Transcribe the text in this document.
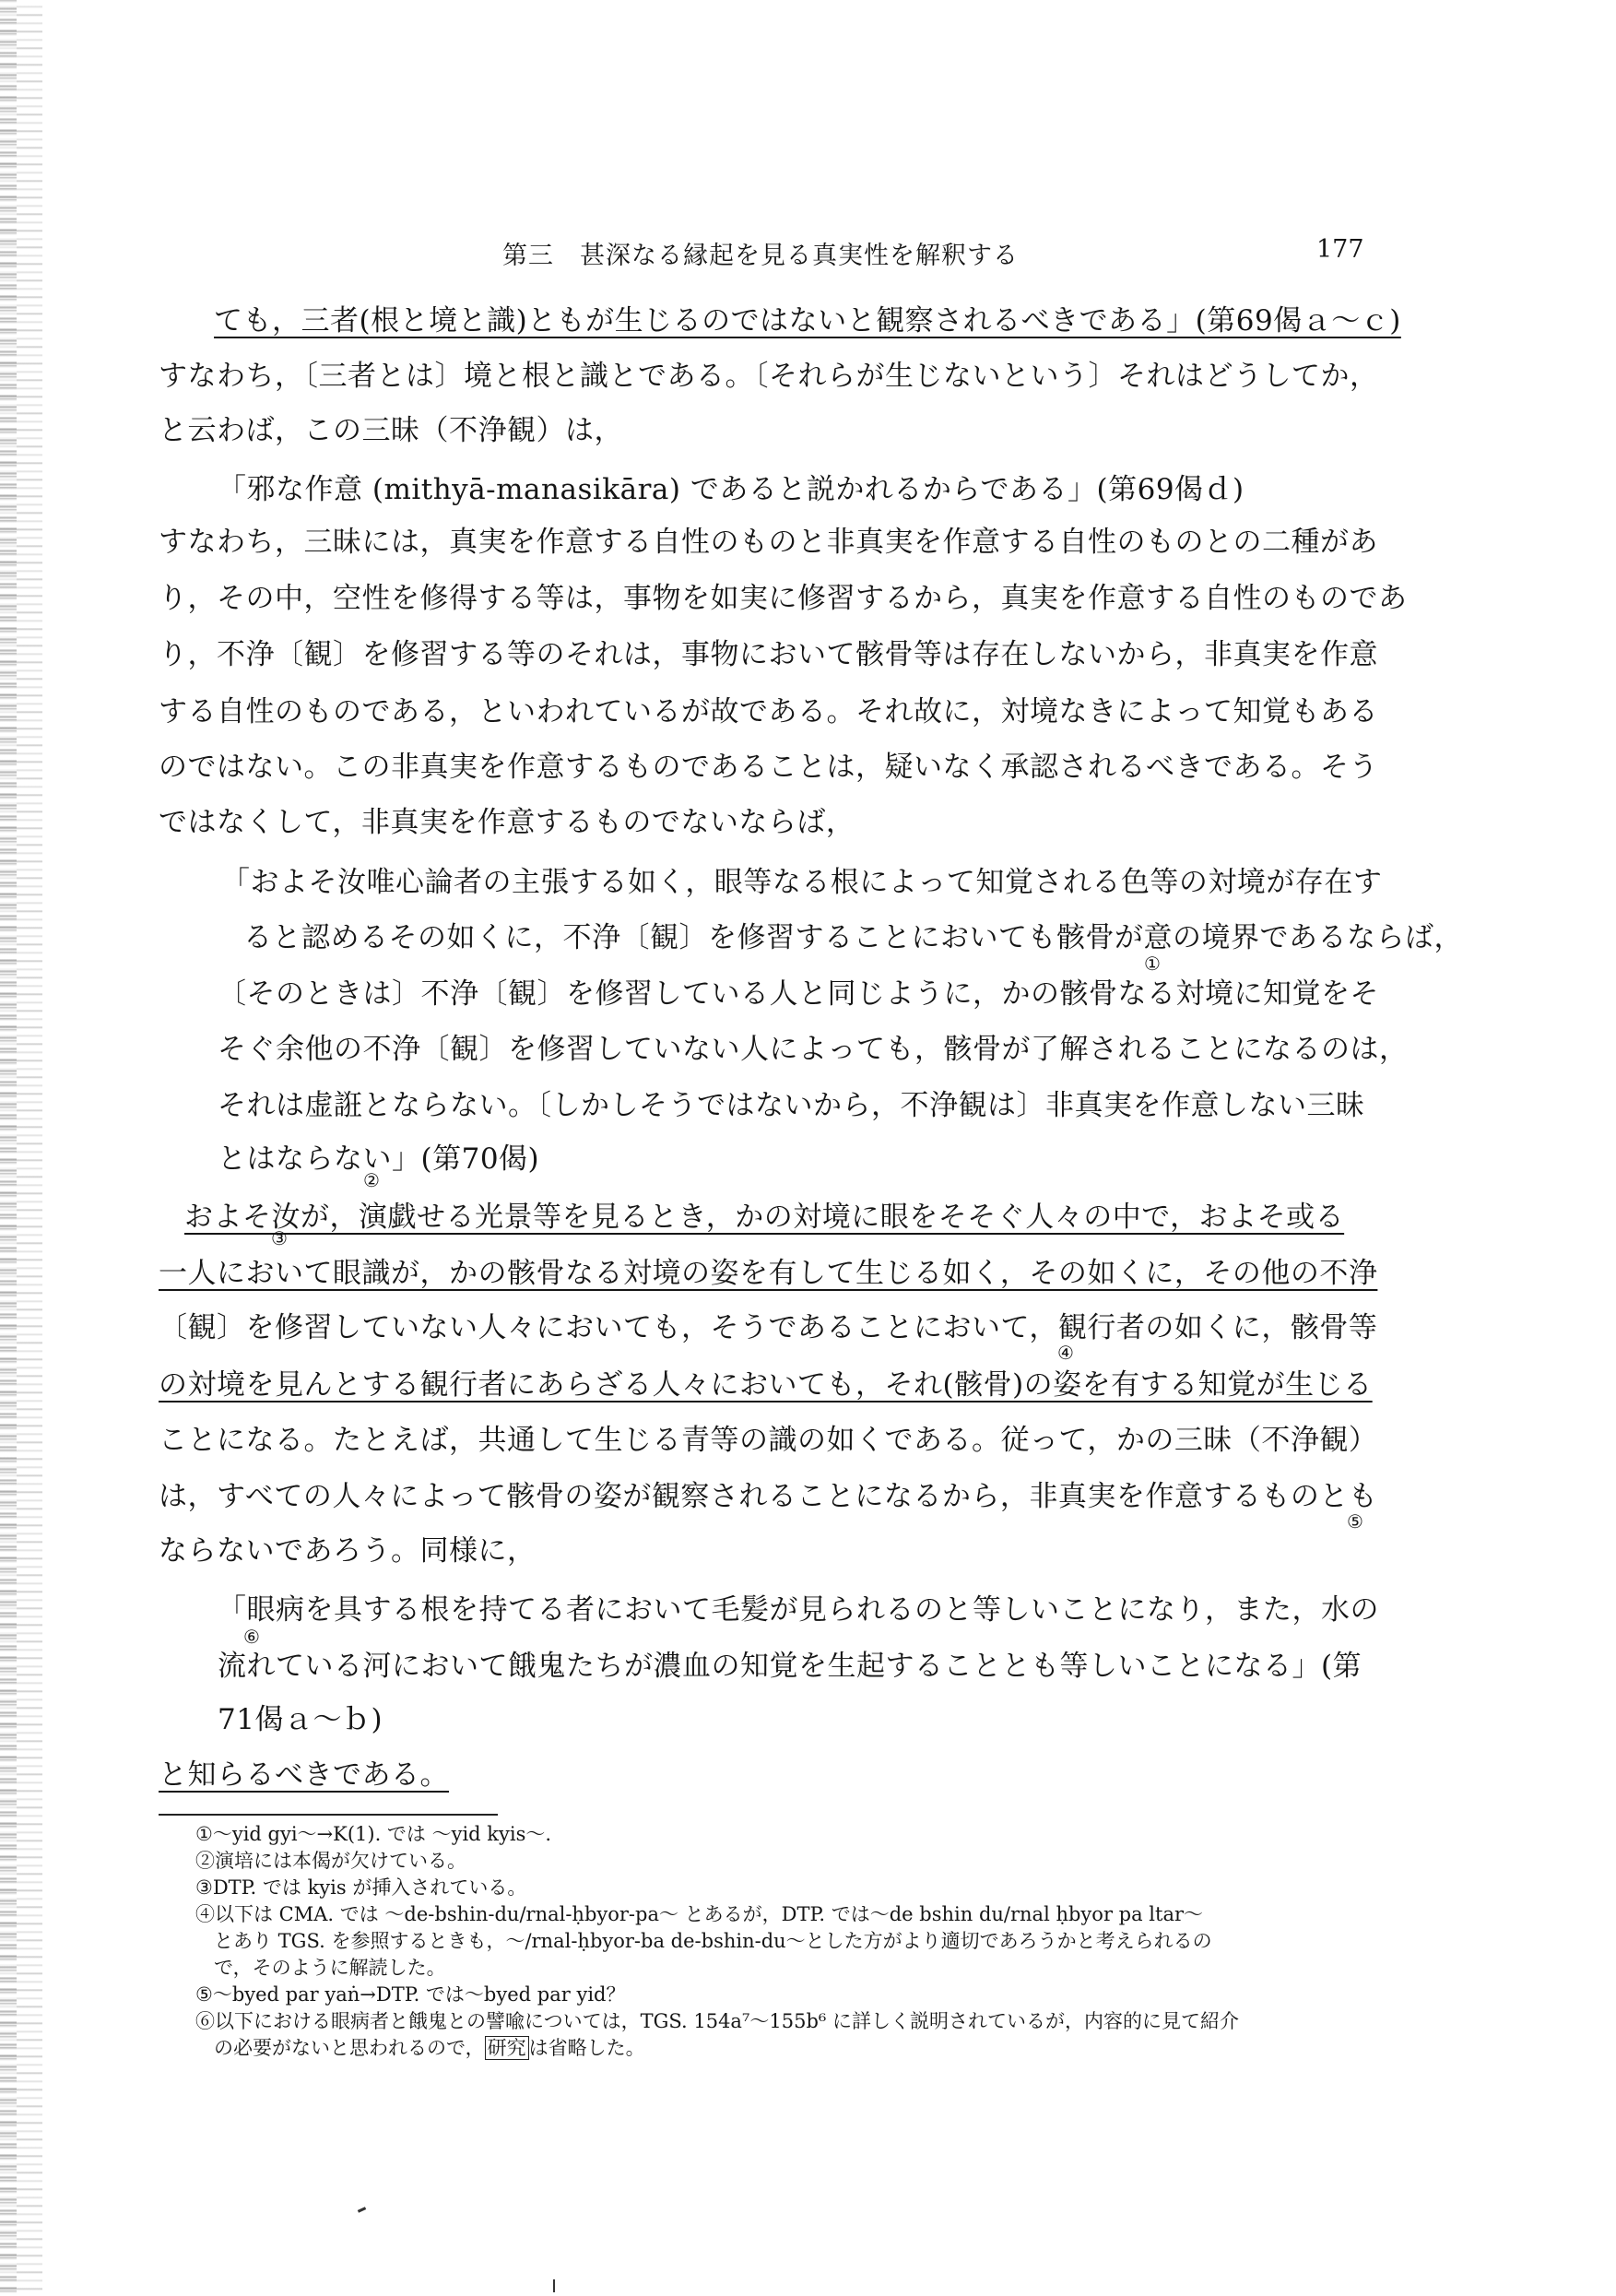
第三　甚深なる縁起を見る真実性を解釈する	177
ても，三者(根と境と識)ともが生じるのではないと観察されるべきである」(第69偈ａ～ｃ)
すなわち，〔三者とは〕境と根と識とである。〔それらが生じないという〕それはどうしてか，
と云わば，この三昧（不浄観）は，
「邪な作意 (mithyā-manasikāra) であると説かれるからである」(第69偈ｄ)
すなわち，三昧には，真実を作意する自性のものと非真実を作意する自性のものとの二種があ
り，その中，空性を修得する等は，事物を如実に修習するから，真実を作意する自性のものであ
り，不浄〔観〕を修習する等のそれは，事物において骸骨等は存在しないから，非真実を作意
する自性のものである，といわれているが故である。それ故に，対境なきによって知覚もある
のではない。この非真実を作意するものであることは，疑いなく承認されるべきである。そう
ではなくして，非真実を作意するものでないならば，
「およそ汝唯心論者の主張する如く，眼等なる根によって知覚される色等の対境が存在す
ると認めるその如くに，不浄〔観〕を修習することにおいても骸骨が意の境界であるならば，
〔そのときは〕不浄〔観〕を修習している人と同じように，かの骸骨なる対境に知覚をそ
そぐ余他の不浄〔観〕を修習していない人によっても，骸骨が了解されることになるのは，
それは虚誑とならない。〔しかしそうではないから，不浄観は〕非真実を作意しない三昧
とはならない」(第70偈)
およそ汝が，演戯せる光景等を見るとき，かの対境に眼をそそぐ人々の中で，およそ或る
一人において眼識が，かの骸骨なる対境の姿を有して生じる如く，その如くに，その他の不浄
〔観〕を修習していない人々においても，そうであることにおいて，観行者の如くに，骸骨等
の対境を見んとする観行者にあらざる人々においても，それ(骸骨)の姿を有する知覚が生じる
ことになる。たとえば，共通して生じる青等の識の如くである。従って，かの三昧（不浄観）
は，すべての人々によって骸骨の姿が観察されることになるから，非真実を作意するものとも
ならないであろう。同様に，
「眼病を具する根を持てる者において毛髪が見られるのと等しいことになり，また，水の
流れている河において餓鬼たちが濃血の知覚を生起することとも等しいことになる」(第
71偈ａ～ｂ)
と知らるべきである。
①
②
③
④
⑤
⑥
①～yid gyi～→K(1). では ～yid kyis～.
②演培には本偈が欠けている。
③DTP. では kyis が挿入されている。
④以下は CMA. では ～de-bshin-du/rnal-ḥbyor-pa～ とあるが，DTP. では～de bshin du/rnal ḥbyor pa ltar～
とあり TGS. を参照するときも，～/rnal-ḥbyor-ba de-bshin-du～とした方がより適切であろうかと考えられるの
で，そのように解読した。
⑤～byed par yaṅ→DTP. では～byed par yid？
⑥以下における眼病者と餓鬼との譬喩については，TGS. 154a⁷～155b⁶ に詳しく説明されているが，内容的に見て紹介
の必要がないと思われるので， 研究 は省略した。
